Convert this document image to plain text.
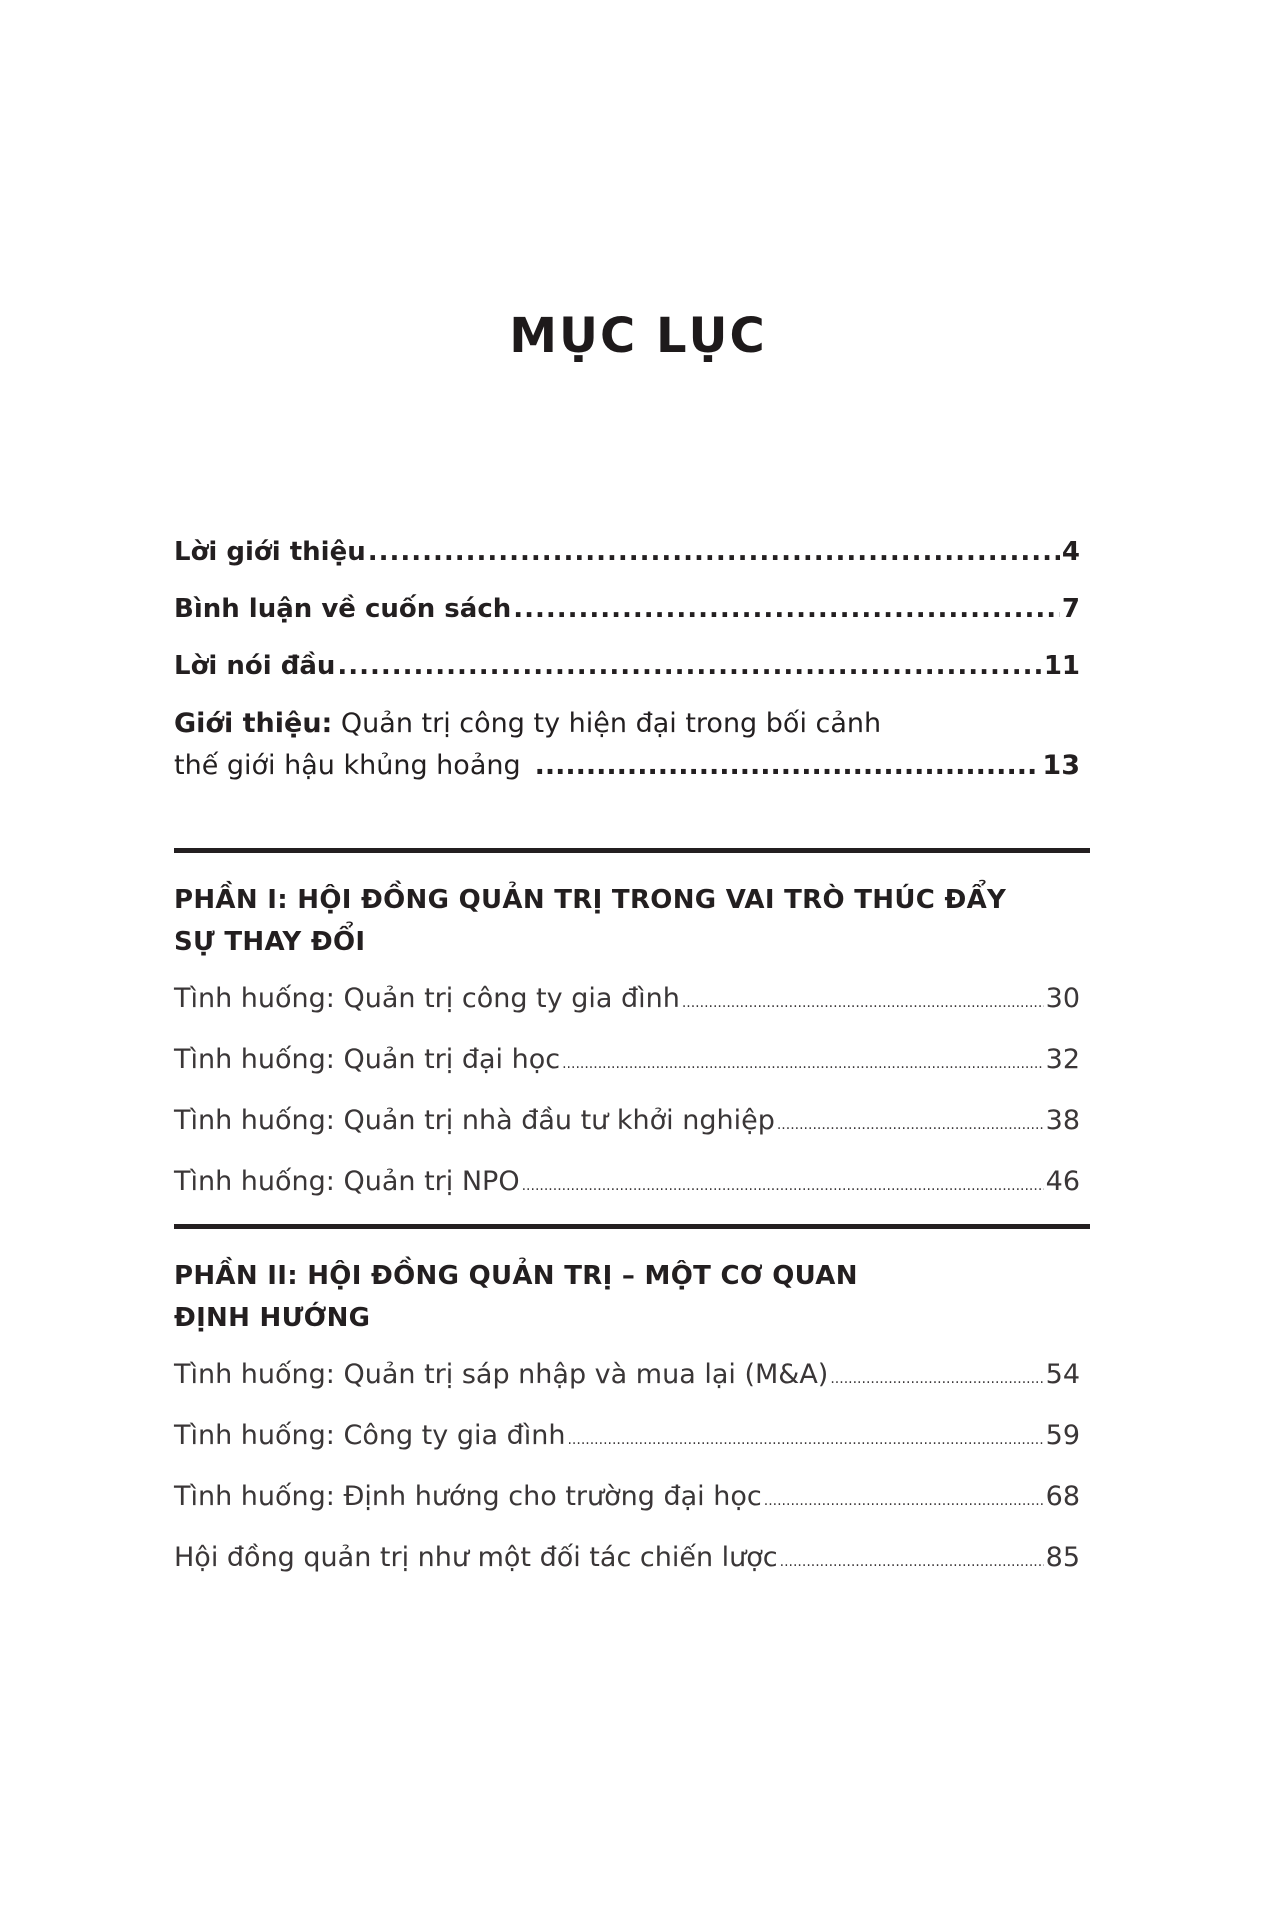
MỤC LỤC
Lời giới thiệu .....	4
Bình luận về cuốn sách .....	7
Lời nói đầu .....	11
Giới thiệu: Quản trị công ty hiện đại trong bối cảnh
thế giới hậu khủng hoảng .....	13
PHẦN I: HỘI ĐỒNG QUẢN TRỊ TRONG VAI TRÒ THÚC ĐẨY
SỰ THAY ĐỔI
Tình huống: Quản trị công ty gia đình .....	30
Tình huống: Quản trị đại học .....	32
Tình huống: Quản trị nhà đầu tư khởi nghiệp .....	38
Tình huống: Quản trị NPO .....	46
PHẦN II: HỘI ĐỒNG QUẢN TRỊ – MỘT CƠ QUAN
ĐỊNH HƯỚNG
Tình huống: Quản trị sáp nhập và mua lại (M&A) .....	54
Tình huống: Công ty gia đình .....	59
Tình huống: Định hướng cho trường đại học .....	68
Hội đồng quản trị như một đối tác chiến lược .....	85
